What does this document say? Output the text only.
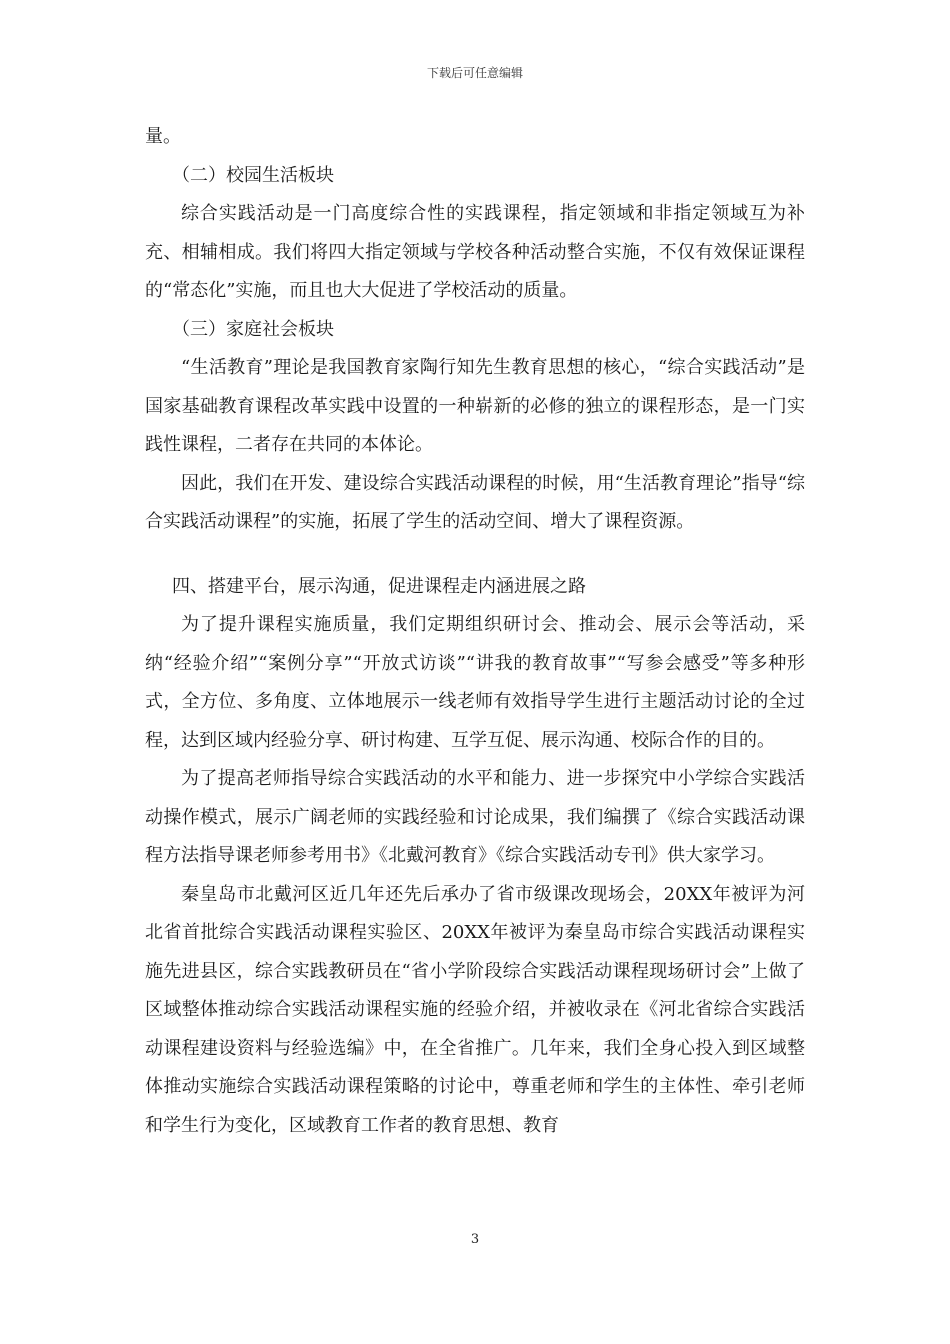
下载后可任意编辑

量。

（二）校园生活板块

综合实践活动是一门高度综合性的实践课程，指定领域和非指定领域互为补充、相辅相成。我们将四大指定领域与学校各种活动整合实施，不仅有效保证课程的“常态化”实施，而且也大大促进了学校活动的质量。

（三）家庭社会板块

“生活教育”理论是我国教育家陶行知先生教育思想的核心，“综合实践活动”是国家基础教育课程改革实践中设置的一种崭新的必修的独立的课程形态，是一门实践性课程，二者存在共同的本体论。

因此，我们在开发、建设综合实践活动课程的时候，用“生活教育理论”指导“综合实践活动课程”的实施，拓展了学生的活动空间、增大了课程资源。

四、搭建平台，展示沟通，促进课程走内涵进展之路

为了提升课程实施质量，我们定期组织研讨会、推动会、展示会等活动，采纳“经验介绍”“案例分享”“开放式访谈”“讲我的教育故事”“写参会感受”等多种形式，全方位、多角度、立体地展示一线老师有效指导学生进行主题活动讨论的全过程，达到区域内经验分享、研讨构建、互学互促、展示沟通、校际合作的目的。

为了提高老师指导综合实践活动的水平和能力、进一步探究中小学综合实践活动操作模式，展示广阔老师的实践经验和讨论成果，我们编撰了《综合实践活动课程方法指导课老师参考用书》《北戴河教育》《综合实践活动专刊》供大家学习。

秦皇岛市北戴河区近几年还先后承办了省市级课改现场会，20XX年被评为河北省首批综合实践活动课程实验区、20XX年被评为秦皇岛市综合实践活动课程实施先进县区，综合实践教研员在“省小学阶段综合实践活动课程现场研讨会”上做了区域整体推动综合实践活动课程实施的经验介绍，并被收录在《河北省综合实践活动课程建设资料与经验选编》中，在全省推广。几年来，我们全身心投入到区域整体推动实施综合实践活动课程策略的讨论中，尊重老师和学生的主体性、牵引老师和学生行为变化，区域教育工作者的教育思想、教育

3
